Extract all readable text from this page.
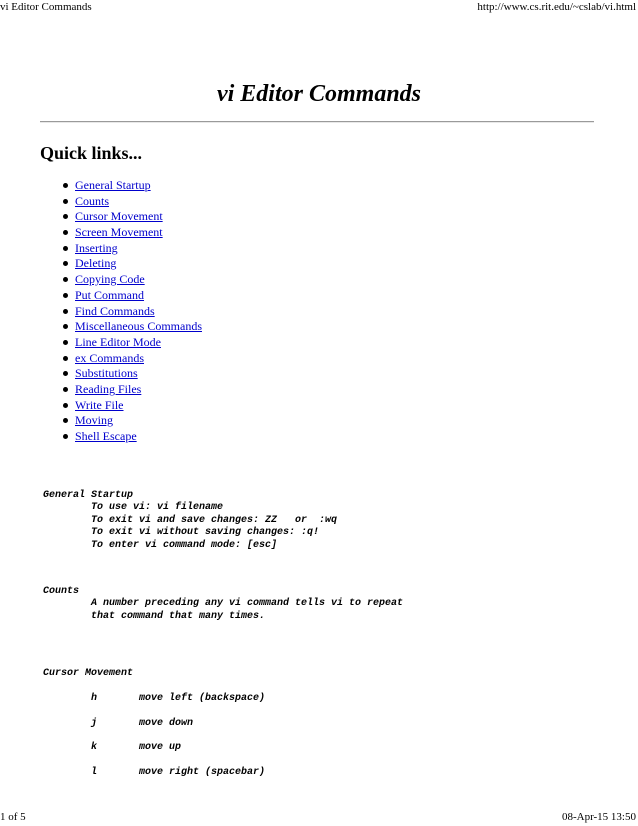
vi Editor Commands	http://www.cs.rit.edu/~cslab/vi.html
vi Editor Commands
Quick links...
General Startup
Counts
Cursor Movement
Screen Movement
Inserting
Deleting
Copying Code
Put Command
Find Commands
Miscellaneous Commands
Line Editor Mode
ex Commands
Substitutions
Reading Files
Write File
Moving
Shell Escape
General Startup
To use vi: vi filename
To exit vi and save changes: ZZ   or  :wq
To exit vi without saving changes: :q!
To enter vi command mode: [esc]
Counts
A number preceding any vi command tells vi to repeat
that command that many times.
Cursor Movement

h       move left (backspace)

j       move down

k       move up

l       move right (spacebar)
1 of 5	08-Apr-15 13:50
